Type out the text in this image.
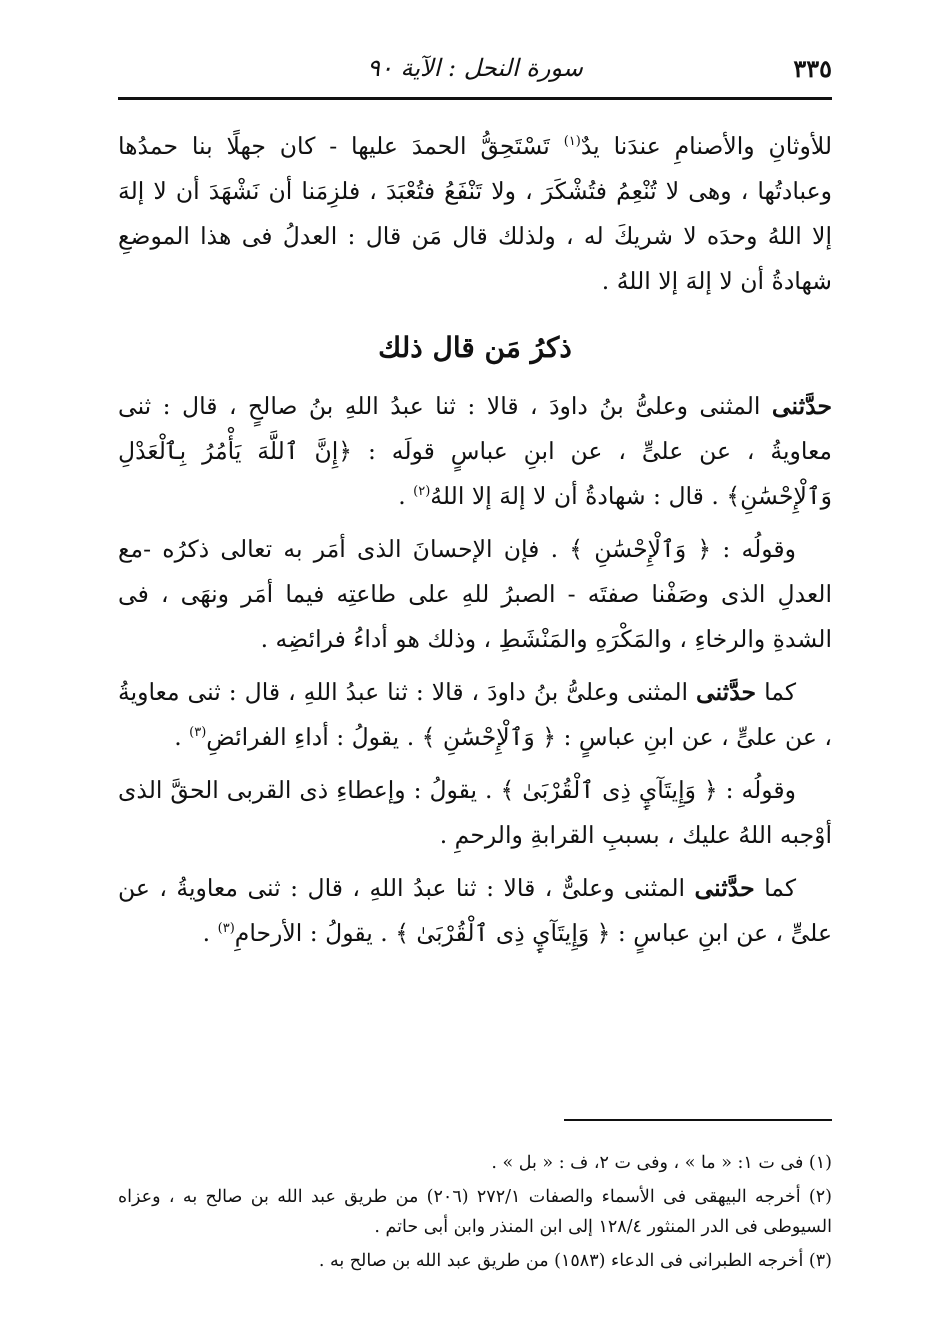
٣٣٥
سورة النحل : الآية ٩٠

للأوثانِ والأصنامِ عندَنا يدٌ$^{(١)}$ تَسْتَحِقُّ الحمدَ عليها - كان جهلًا بنا حمدُها وعبادتُها ، وهى لا تُنْعِمُ فتُشْكَرَ ، ولا تَنْفَعُ فتُعْبَدَ ، فلزِمَنا أن نَشْهَدَ أن لا إلهَ إلا اللهُ وحدَه لا شريكَ له ، ولذلك قال مَن قال : العدلُ فى هذا الموضعِ شهادةُ أن لا إلهَ إلا اللهُ .

ذكرُ مَن قال ذلك

حدَّثنى المثنى وعلىُّ بنُ داودَ ، قالا : ثنا عبدُ اللهِ بنُ صالحٍ ، قال : ثنى معاويةُ ، عن علىٍّ ، عن ابنِ عباسٍ قولَه : ﴿إِنَّ ٱللَّهَ يَأْمُرُ بِٱلْعَدْلِ وَٱلْإِحْسَٰنِ﴾ . قال : شهادةُ أن لا إلهَ إلا اللهُ$^{(٢)}$ .

وقولُه : ﴿ وَٱلْإِحْسَٰنِ ﴾ . فإن الإحسانَ الذى أمَر به تعالى ذكرُه -مع العدلِ الذى وصَفْنا صفتَه - الصبرُ للهِ على طاعتِه فيما أمَر ونهَى ، فى الشدةِ والرخاءِ ، والمَكْرَهِ والمَنْشَطِ ، وذلك هو أداءُ فرائضِه .

كما حدَّثنى المثنى وعلىُّ بنُ داودَ ، قالا : ثنا عبدُ اللهِ ، قال : ثنى معاويةُ ، عن علىٍّ ، عن ابنِ عباسٍ : ﴿ وَٱلْإِحْسَٰنِ ﴾ . يقولُ : أداءِ الفرائضِ$^{(٣)}$ .

وقولُه : ﴿ وَإِيتَآيِٕ ذِى ٱلْقُرْبَىٰ ﴾ . يقولُ : وإعطاءِ ذى القربى الحقَّ الذى أوْجبه اللهُ عليك ، بسببِ القرابةِ والرحمِ .

كما حدَّثنى المثنى وعلىٌّ ، قالا : ثنا عبدُ اللهِ ، قال : ثنى معاويةُ ، عن علىٍّ ، عن ابنِ عباسٍ : ﴿ وَإِيتَآيِٕ ذِى ٱلْقُرْبَىٰ ﴾ . يقولُ : الأرحامِ$^{(٣)}$ .

(١) فى ت ١: « ما » ، وفى ت ٢، ف : « بل » .

(٢) أخرجه البيهقى فى الأسماء والصفات ٢٧٢/١ (٢٠٦) من طريق عبد الله بن صالح به ، وعزاه السيوطى فى الدر المنثور ١٢٨/٤ إلى ابن المنذر وابن أبى حاتم .

(٣) أخرجه الطبرانى فى الدعاء (١٥٨٣) من طريق عبد الله بن صالح به .
